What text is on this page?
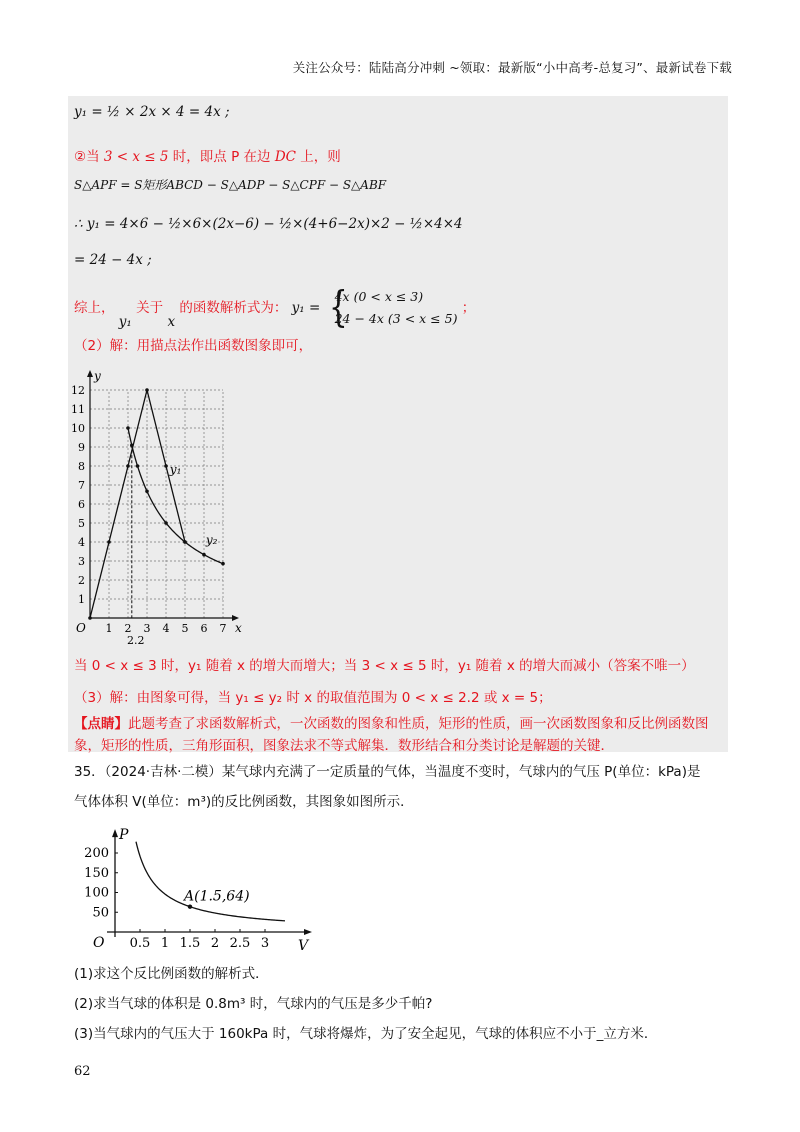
关注公众号：陆陆高分冲刺 ~领取：最新版“小中高考-总复习”、最新试卷下载
y₁ = ½ × 2x × 4 = 4x ;
②当 3 < x ≤ 5 时，即点 P 在边 DC 上，则
S△APF = S矩形ABCD − S△ADP − S△CPF − S△ABF
∴ y₁ = 4×6 − ½×6×(2x−6) − ½×(4+6−2x)×2 − ½×4×4
= 24 − 4x ;
综上， y₁ 关于 x 的函数解析式为： y₁ = {
4x (0 < x ≤ 3)
24 − 4x (3 < x ≤ 5)
；
（2）解：用描点法作出函数图象即可，
1 2 3 4 5 6 7
1
2
3
4
5
6
7
8
9
10
11
12
O	x
y
2.2
y₁
y₂
当 0 < x ≤ 3 时，y₁ 随着 x 的增大而增大；当 3 < x ≤ 5 时，y₁ 随着 x 的增大而减小（答案不唯一）
（3）解：由图象可得，当 y₁ ≤ y₂ 时 x 的取值范围为 0 < x ≤ 2.2 或 x = 5；
【点睛】此题考查了求函数解析式，一次函数的图象和性质，矩形的性质，画一次函数图象和反比例函数图象，矩形的性质，三角形面积，图象法求不等式解集．数形结合和分类讨论是解题的关键．
35．（2024·吉林·二模）某气球内充满了一定质量的气体，当温度不变时，气球内的气压 P(单位：kPa)是
气体体积 V(单位：m³)的反比例函数，其图象如图所示．
0.5 1 1.5 2 2.5 3
50
100
150
200
O	V
P
A(1.5,64)
(1)求这个反比例函数的解析式．
(2)求当气球的体积是 0.8m³ 时，气球内的气压是多少千帕?
(3)当气球内的气压大于 160kPa 时，气球将爆炸，为了安全起见，气球的体积应不小于_立方米．
62
